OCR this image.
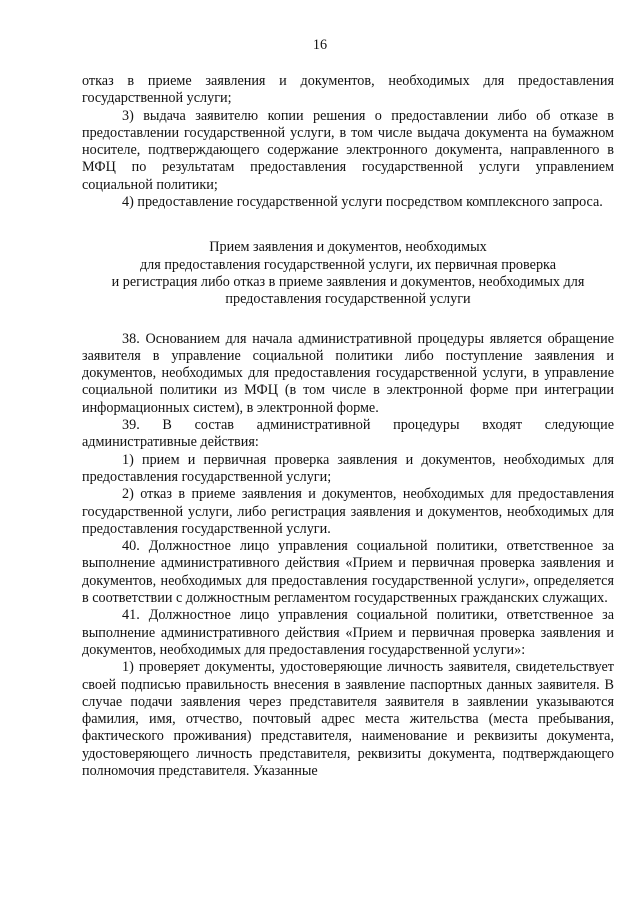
16

отказ в приеме заявления и документов, необходимых для предоставления государственной услуги;

3) выдача заявителю копии решения о предоставлении либо об отказе в предоставлении государственной услуги, в том числе выдача документа на бумажном носителе, подтверждающего содержание электронного документа, направленного в МФЦ по результатам предоставления государственной услуги управлением социальной политики;

4) предоставление государственной услуги посредством комплексного запроса.

Прием заявления и документов, необходимых
для предоставления государственной услуги, их первичная проверка
и регистрация либо отказ в приеме заявления и документов, необходимых для
предоставления государственной услуги

38. Основанием для начала административной процедуры является обращение заявителя в управление социальной политики либо поступление заявления и документов, необходимых для предоставления государственной услуги, в управление социальной политики из МФЦ (в том числе в электронной форме при интеграции информационных систем), в электронной форме.

39. В состав административной процедуры входят следующие административные действия:

1) прием и первичная проверка заявления и документов, необходимых для предоставления государственной услуги;

2) отказ в приеме заявления и документов, необходимых для предоставления государственной услуги, либо регистрация заявления и документов, необходимых для предоставления государственной услуги.

40. Должностное лицо управления социальной политики, ответственное за выполнение административного действия «Прием и первичная проверка заявления и документов, необходимых для предоставления государственной услуги», определяется в соответствии с должностным регламентом государственных гражданских служащих.

41. Должностное лицо управления социальной политики, ответственное за выполнение административного действия «Прием и первичная проверка заявления и документов, необходимых для предоставления государственной услуги»:

1) проверяет документы, удостоверяющие личность заявителя, свидетельствует своей подписью правильность внесения в заявление паспортных данных заявителя. В случае подачи заявления через представителя заявителя в заявлении указываются фамилия, имя, отчество, почтовый адрес места жительства (места пребывания, фактического проживания) представителя, наименование и реквизиты документа, удостоверяющего личность представителя, реквизиты документа, подтверждающего полномочия представителя. Указанные
